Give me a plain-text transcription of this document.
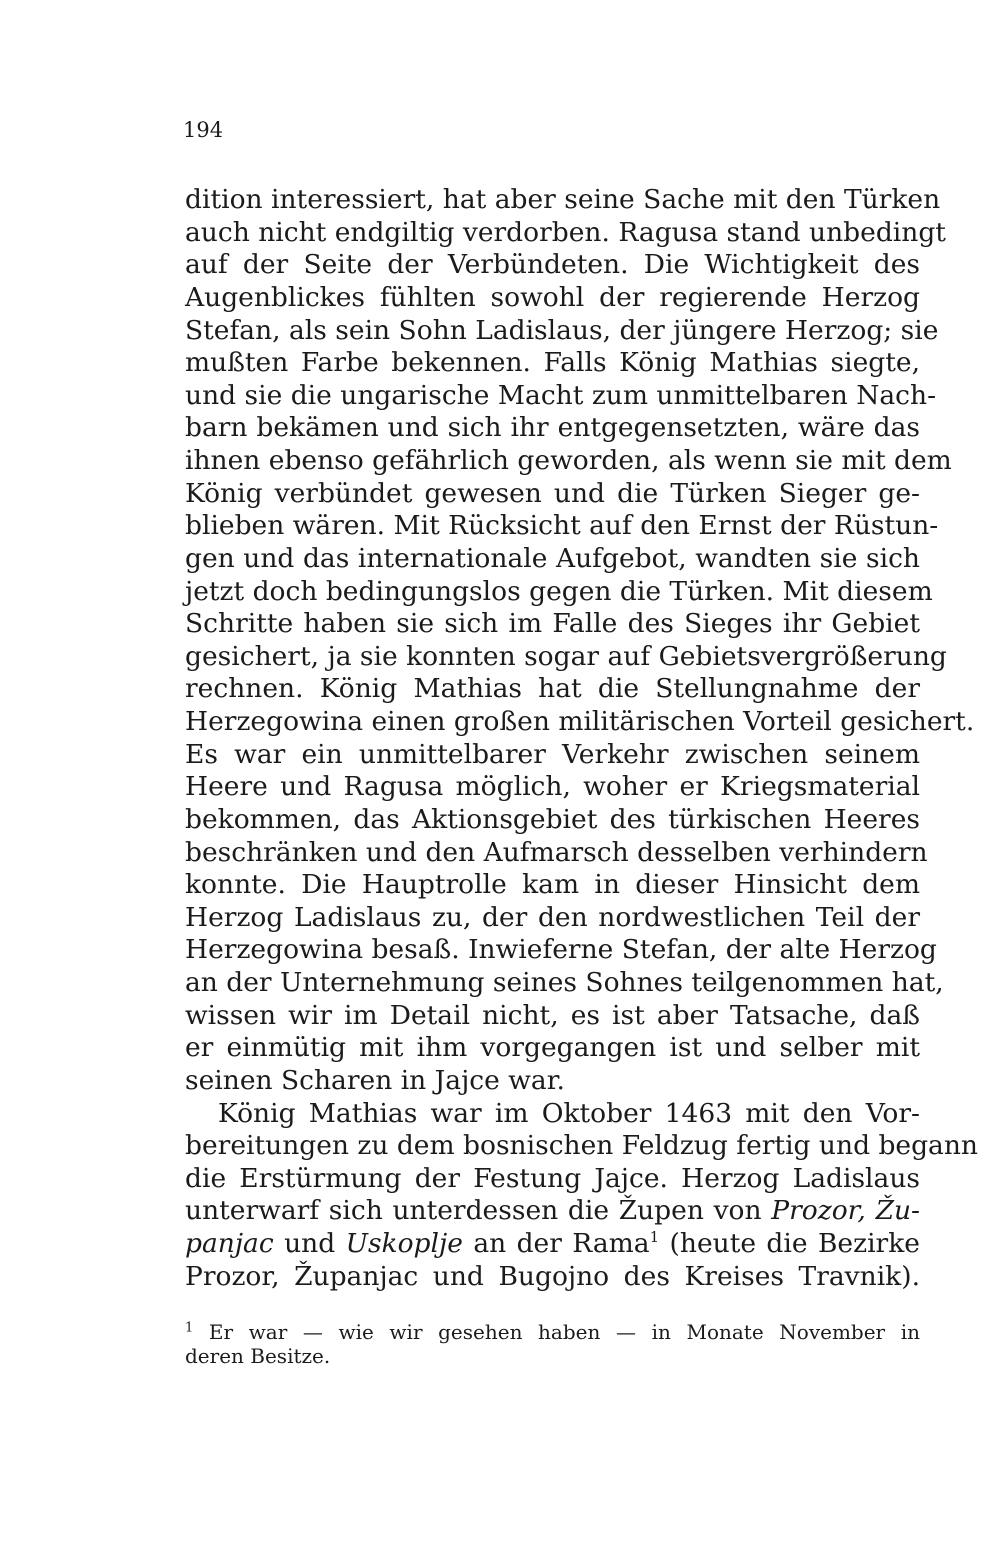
194
dition interessiert, hat aber seine Sache mit den Türken
auch nicht endgiltig verdorben. Ragusa stand unbedingt
auf der Seite der Verbündeten. Die Wichtigkeit des
Augenblickes fühlten sowohl der regierende Herzog
Stefan, als sein Sohn Ladislaus, der jüngere Herzog; sie
mußten Farbe bekennen. Falls König Mathias siegte,
und sie die ungarische Macht zum unmittelbaren Nach-
barn bekämen und sich ihr entgegensetzten, wäre das
ihnen ebenso gefährlich geworden, als wenn sie mit dem
König verbündet gewesen und die Türken Sieger ge-
blieben wären. Mit Rücksicht auf den Ernst der Rüstun-
gen und das internationale Aufgebot, wandten sie sich
jetzt doch bedingungslos gegen die Türken. Mit diesem
Schritte haben sie sich im Falle des Sieges ihr Gebiet
gesichert, ja sie konnten sogar auf Gebietsvergrößerung
rechnen. König Mathias hat die Stellungnahme der
Herzegowina einen großen militärischen Vorteil gesichert.
Es war ein unmittelbarer Verkehr zwischen seinem
Heere und Ragusa möglich, woher er Kriegsmaterial
bekommen, das Aktionsgebiet des türkischen Heeres
beschränken und den Aufmarsch desselben verhindern
konnte. Die Hauptrolle kam in dieser Hinsicht dem
Herzog Ladislaus zu, der den nordwestlichen Teil der
Herzegowina besaß. Inwieferne Stefan, der alte Herzog
an der Unternehmung seines Sohnes teilgenommen hat,
wissen wir im Detail nicht, es ist aber Tatsache, daß
er einmütig mit ihm vorgegangen ist und selber mit
seinen Scharen in Jajce war.
König Mathias war im Oktober 1463 mit den Vor-
bereitungen zu dem bosnischen Feldzug fertig und begann
die Erstürmung der Festung Jajce. Herzog Ladislaus
unterwarf sich unterdessen die Župen von Prozor, Žu-
panjac und Uskoplje an der Rama$^1$ (heute die Bezirke
Prozor, Županjac und Bugojno des Kreises Travnik).
$^1$ Er war — wie wir gesehen haben — in Monate November in
deren Besitze.
